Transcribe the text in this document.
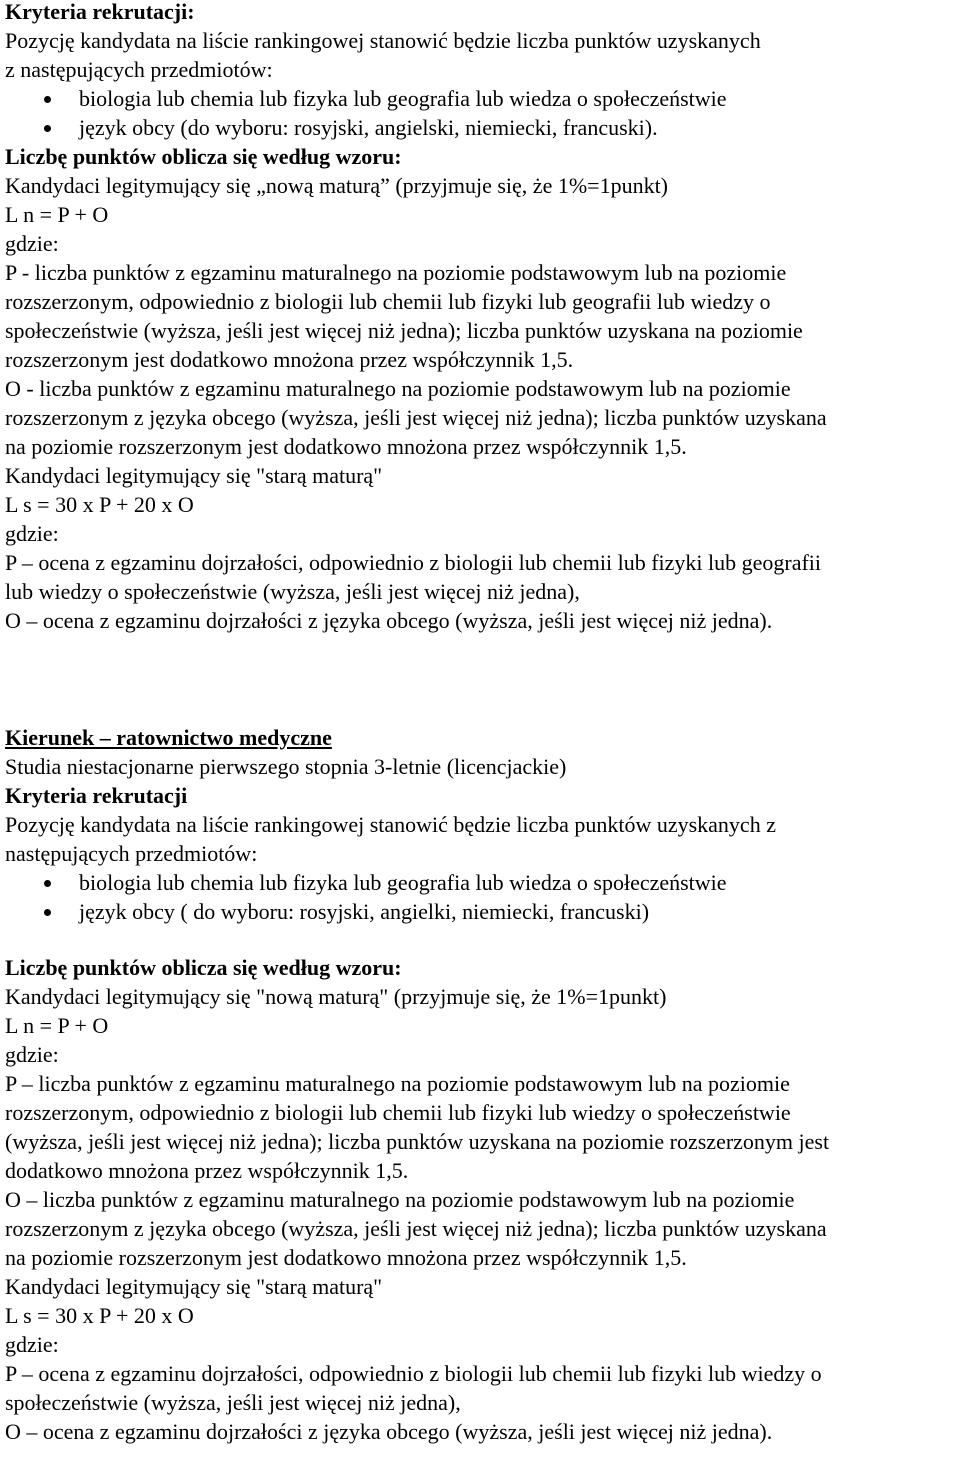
Kryteria rekrutacji:
Pozycję kandydata na liście rankingowej stanowić będzie liczba punktów uzyskanych
z następujących przedmiotów:
biologia lub chemia lub fizyka lub geografia lub wiedza o społeczeństwie
język obcy (do wyboru: rosyjski, angielski, niemiecki, francuski).
Liczbę punktów oblicza się według wzoru:
Kandydaci legitymujący się „nową maturą” (przyjmuje się, że 1%=1punkt)
L n = P + O
gdzie:
P - liczba punktów z egzaminu maturalnego na poziomie podstawowym lub na poziomie
rozszerzonym, odpowiednio z biologii lub chemii lub fizyki lub geografii lub wiedzy o
społeczeństwie (wyższa, jeśli jest więcej niż jedna); liczba punktów uzyskana na poziomie
rozszerzonym jest dodatkowo mnożona przez współczynnik 1,5.
O - liczba punktów z egzaminu maturalnego na poziomie podstawowym lub na poziomie
rozszerzonym z języka obcego (wyższa, jeśli jest więcej niż jedna); liczba punktów uzyskana
na poziomie rozszerzonym jest dodatkowo mnożona przez współczynnik 1,5.
Kandydaci legitymujący się "starą maturą"
L s = 30 x P + 20 x O
gdzie:
P – ocena z egzaminu dojrzałości, odpowiednio z biologii lub chemii lub fizyki lub geografii
lub wiedzy o społeczeństwie (wyższa, jeśli jest więcej niż jedna),
O – ocena z egzaminu dojrzałości z języka obcego (wyższa, jeśli jest więcej niż jedna).
Kierunek – ratownictwo medyczne
Studia niestacjonarne pierwszego stopnia 3-letnie (licencjackie)
Kryteria rekrutacji
Pozycję kandydata na liście rankingowej stanowić będzie liczba punktów uzyskanych z
następujących przedmiotów:
biologia lub chemia lub fizyka lub geografia lub wiedza o społeczeństwie
język obcy ( do wyboru: rosyjski, angielki, niemiecki, francuski)
Liczbę punktów oblicza się według wzoru:
Kandydaci legitymujący się "nową maturą" (przyjmuje się, że 1%=1punkt)
L n = P + O
gdzie:
P – liczba punktów z egzaminu maturalnego na poziomie podstawowym lub na poziomie
rozszerzonym, odpowiednio z biologii lub chemii lub fizyki lub wiedzy o społeczeństwie
(wyższa, jeśli jest więcej niż jedna); liczba punktów uzyskana na poziomie rozszerzonym jest
dodatkowo mnożona przez współczynnik 1,5.
O – liczba punktów z egzaminu maturalnego na poziomie podstawowym lub na poziomie
rozszerzonym z języka obcego (wyższa, jeśli jest więcej niż jedna); liczba punktów uzyskana
na poziomie rozszerzonym jest dodatkowo mnożona przez współczynnik 1,5.
Kandydaci legitymujący się "starą maturą"
L s = 30 x P + 20 x O
gdzie:
P – ocena z egzaminu dojrzałości, odpowiednio z biologii lub chemii lub fizyki lub wiedzy o
społeczeństwie (wyższa, jeśli jest więcej niż jedna),
O – ocena z egzaminu dojrzałości z języka obcego (wyższa, jeśli jest więcej niż jedna).
